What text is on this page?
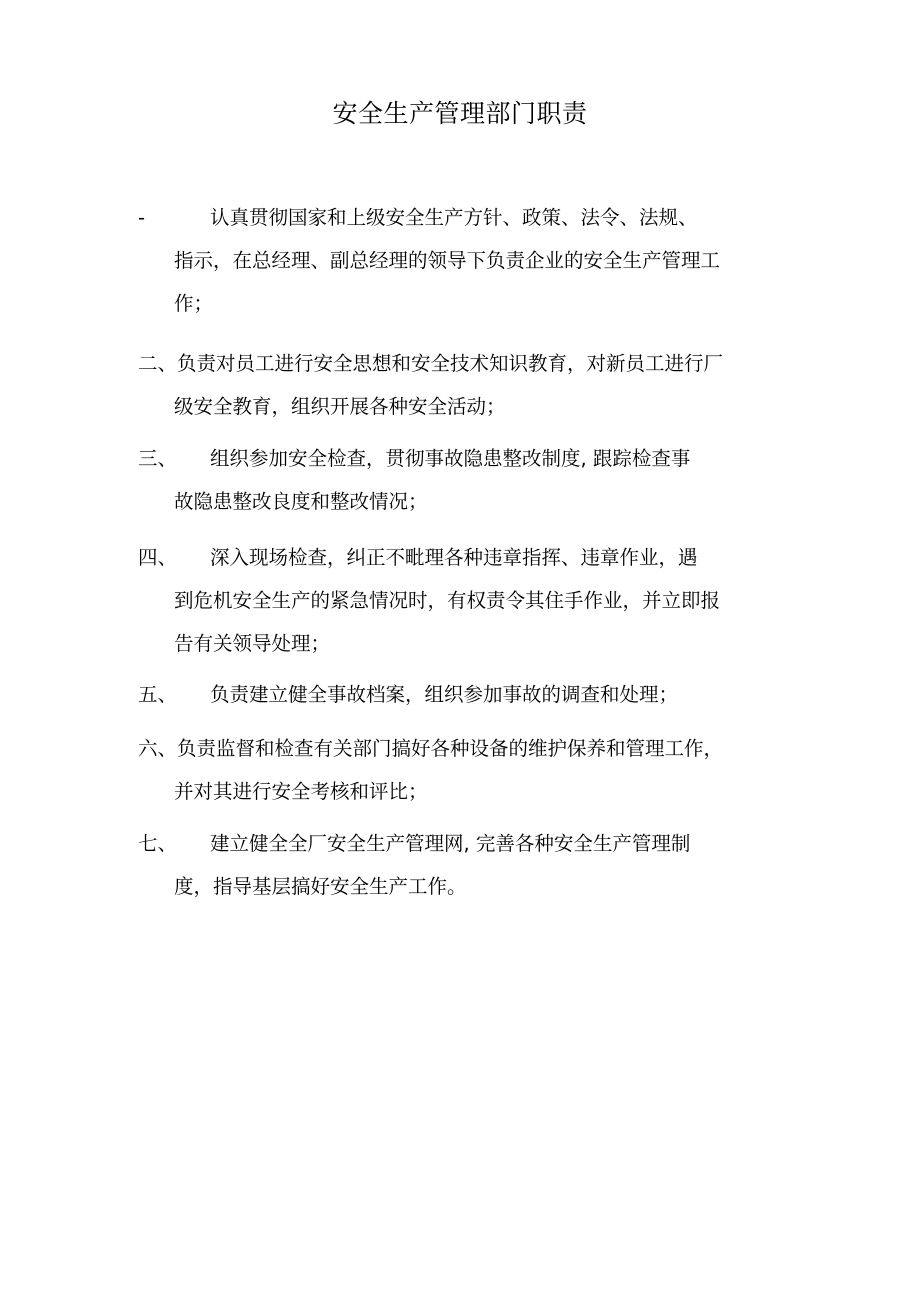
安全生产管理部门职责
-	认真贯彻国家和上级安全生产方针、政策、法令、法规、
指示，在总经理、副总经理的领导下负责企业的安全生产管理工
作；
二、负责对员工进行安全思想和安全技术知识教育，对新员工进行厂
级安全教育，组织开展各种安全活动；
三、 组织参加安全检查，贯彻事故隐患整改制度, 跟踪检查事
故隐患整改良度和整改情况；
四、 深入现场检查，纠正不毗理各种违章指挥、违章作业，遇
到危机安全生产的紧急情况时，有权责令其住手作业，并立即报
告有关领导处理；
五、 负责建立健全事故档案，组织参加事故的调查和处理；
六、负责监督和检查有关部门搞好各种设备的维护保养和管理工作，
并对其进行安全考核和评比；
七、 建立健全全厂安全生产管理网, 完善各种安全生产管理制
度，指导基层搞好安全生产工作。
